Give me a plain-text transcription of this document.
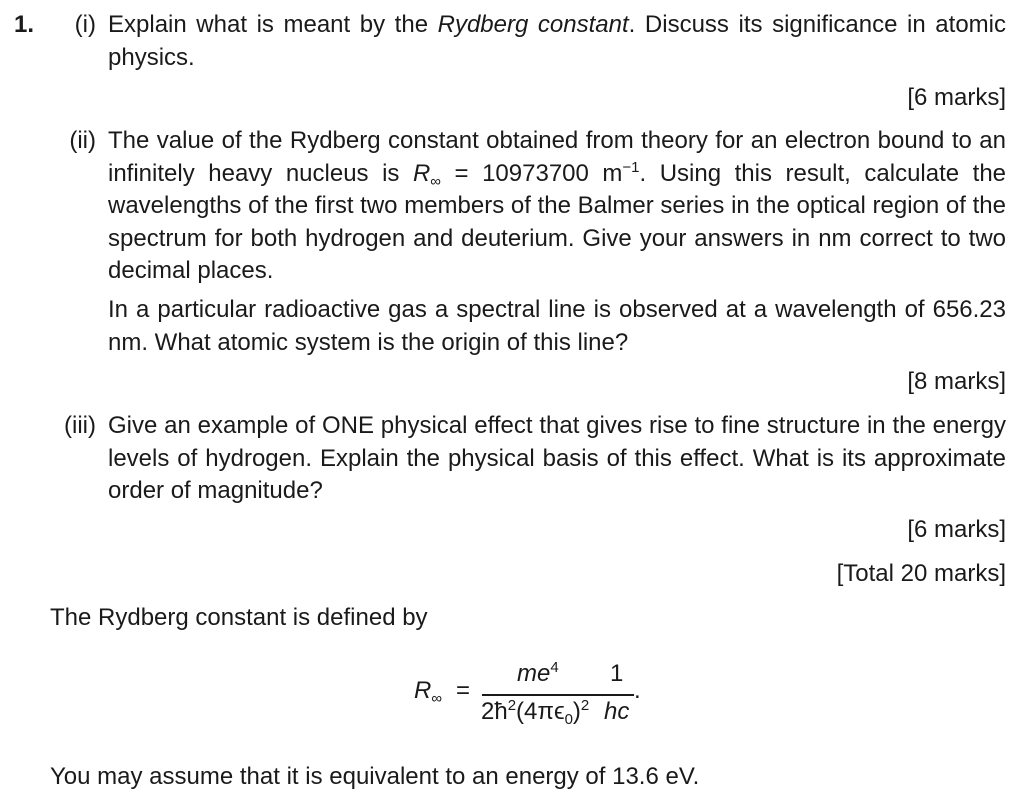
1.	(i) Explain what is meant by the Rydberg constant. Discuss its significance in atomic physics.
[6 marks]
(ii) The value of the Rydberg constant obtained from theory for an electron bound to an infinitely heavy nucleus is $R_\infty = 10973700$ $m^{-1}$. Using this result, calculate the wavelengths of the first two members of the Balmer series in the optical region of the spectrum for both hydrogen and deuterium. Give your answers in nm correct to two decimal places.
In a particular radioactive gas a spectral line is observed at a wavelength of 656.23 nm. What atomic system is the origin of this line?
[8 marks]
(iii) Give an example of ONE physical effect that gives rise to fine structure in the energy levels of hydrogen. Explain the physical basis of this effect. What is its approximate order of magnitude?
[6 marks]
[Total 20 marks]
The Rydberg constant is defined by
$R_\infty$ =
$me^4$
$2ħ^2(4\pi\epsilon_0)^2$
1
hc
.
You may assume that it is equivalent to an energy of 13.6 eV.
